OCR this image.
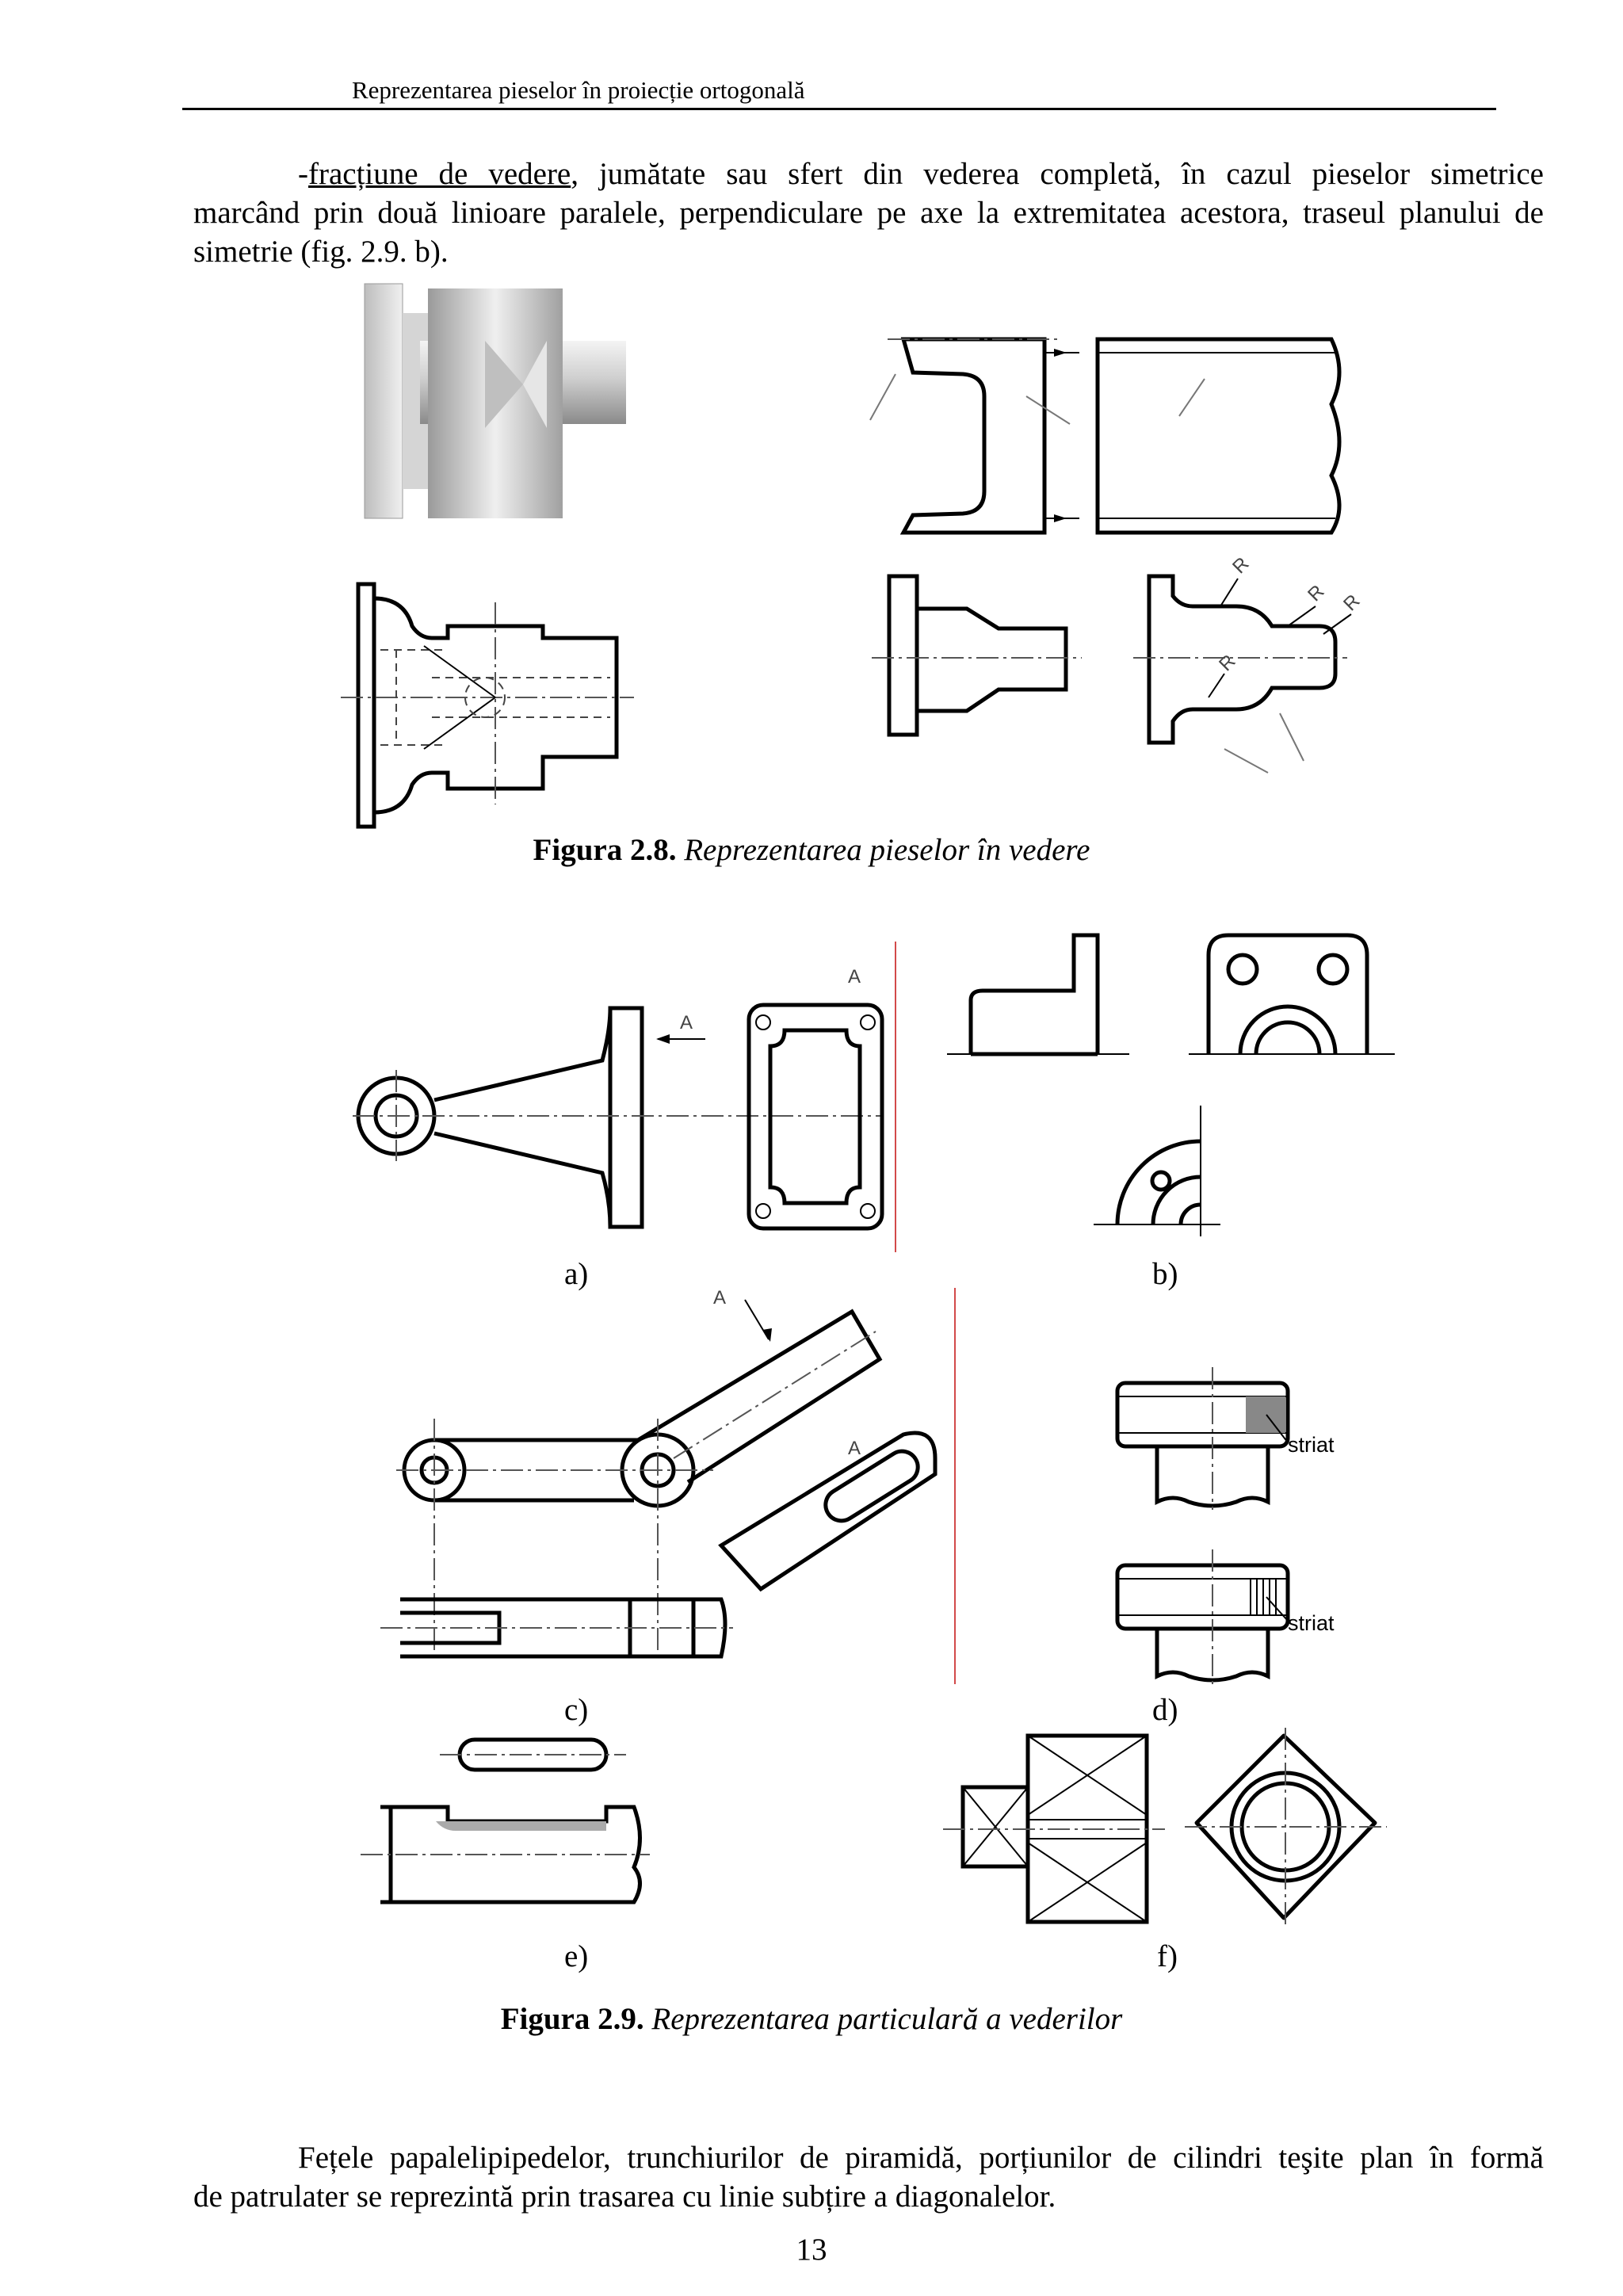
Reprezentarea pieselor în proiecție ortogonală
-fracțiune de vedere, jumătate sau sfert din vederea completă, în cazul pieselor simetrice
marcând prin două linioare paralele, perpendiculare pe axe la extremitatea acestora, traseul planului de simetrie (fig. 2.9. b).
R
R R
R
Figura 2.8. Reprezentarea pieselor în vedere
A
A
A
A	striat
striat
a)	b)
c)	d)
e)	f)
Figura 2.9. Reprezentarea particulară a vederilor
Fețele papalelipipedelor, trunchiurilor de piramidă, porțiunilor de cilindri teşite plan în formă
de patrulater se reprezintă prin trasarea cu linie subțire a diagonalelor.
13
